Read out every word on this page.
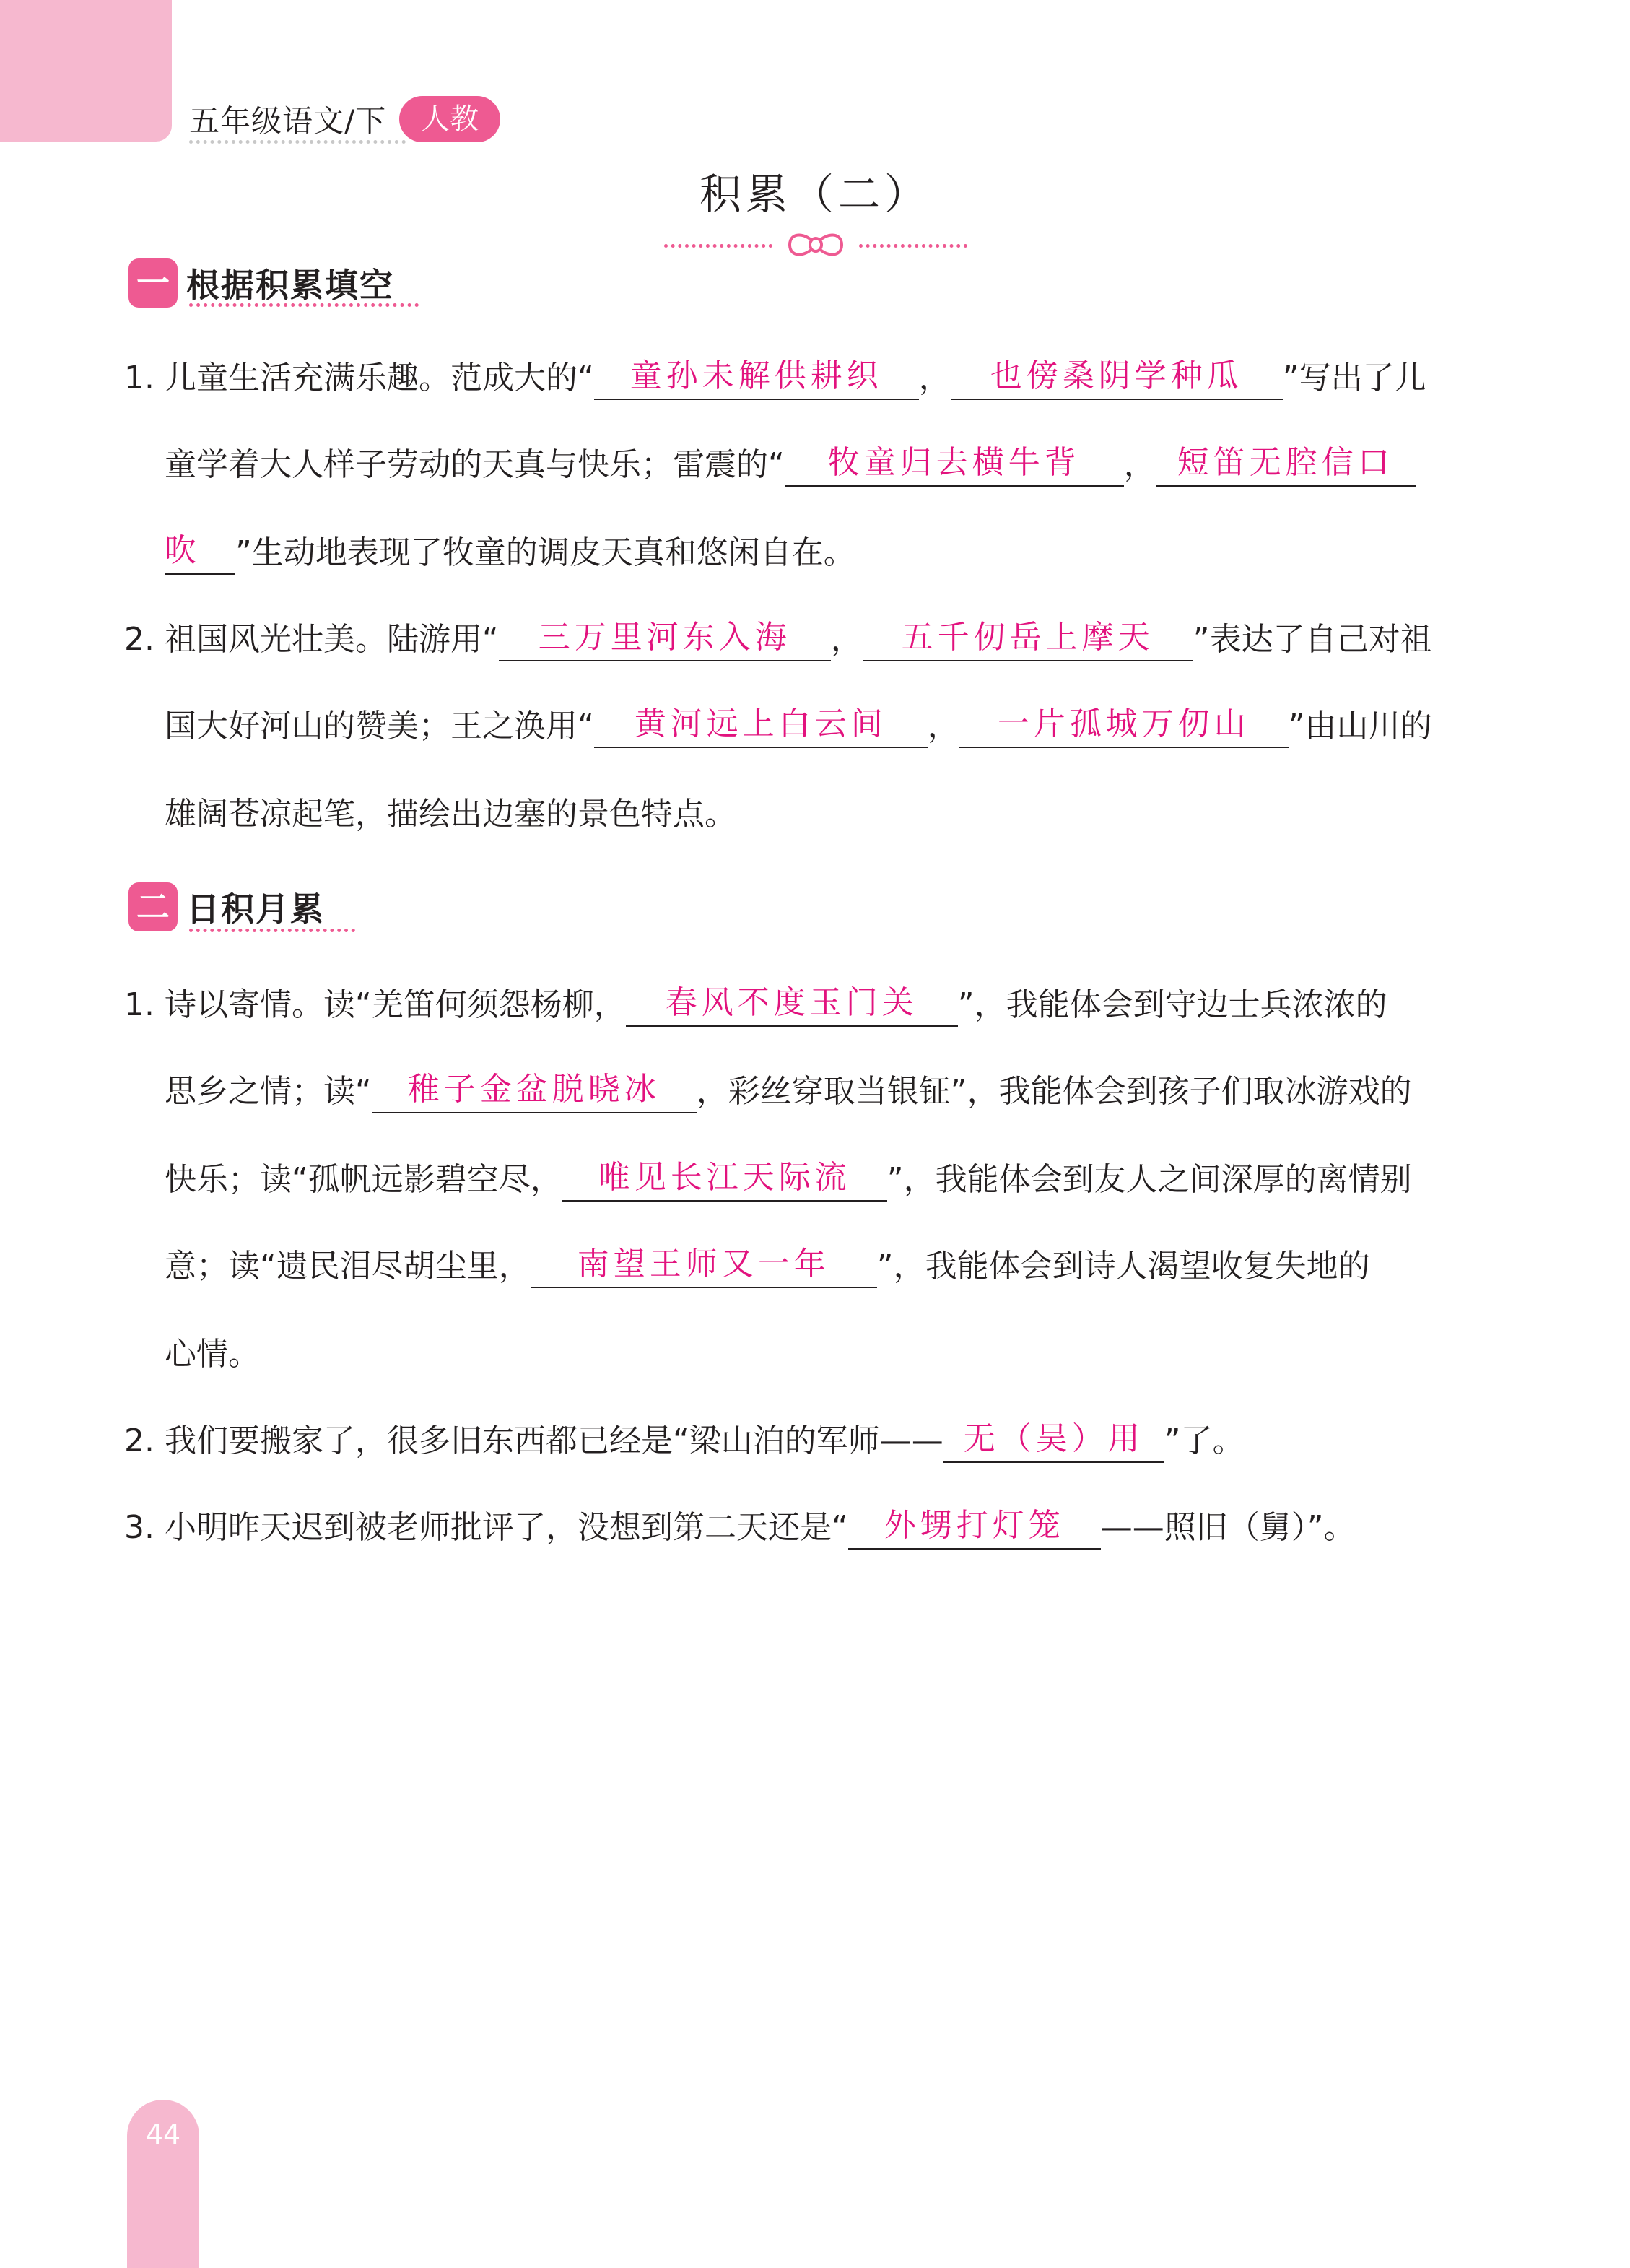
五年级语文/下	人教
积累（二）
一 根据积累填空
1. 儿童生活充满乐趣。范成大的“ 童孙未解供耕织 ， 也傍桑阴学种瓜 ”写出了儿
童学着大人样子劳动的天真与快乐；雷震的“ 牧童归去横牛背 ， 短笛无腔信口
吹 ”生动地表现了牧童的调皮天真和悠闲自在。
2. 祖国风光壮美。陆游用“ 三万里河东入海 ， 五千仞岳上摩天 ”表达了自己对祖
国大好河山的赞美；王之涣用“ 黄河远上白云间 ， 一片孤城万仞山 ”由山川的
雄阔苍凉起笔，描绘出边塞的景色特点。
二 日积月累
1. 诗以寄情。读“羌笛何须怨杨柳， 春风不度玉门关 ”，我能体会到守边士兵浓浓的
思乡之情；读“ 稚子金盆脱晓冰 ，彩丝穿取当银钲”，我能体会到孩子们取冰游戏的
快乐；读“孤帆远影碧空尽， 唯见长江天际流 ”，我能体会到友人之间深厚的离情别
意；读“遗民泪尽胡尘里， 南望王师又一年 ”，我能体会到诗人渴望收复失地的
心情。
2. 我们要搬家了，很多旧东西都已经是“梁山泊的军师—— 无（吴）用 ”了。
3. 小明昨天迟到被老师批评了，没想到第二天还是“ 外甥打灯笼 ——照旧（舅）”。
44
